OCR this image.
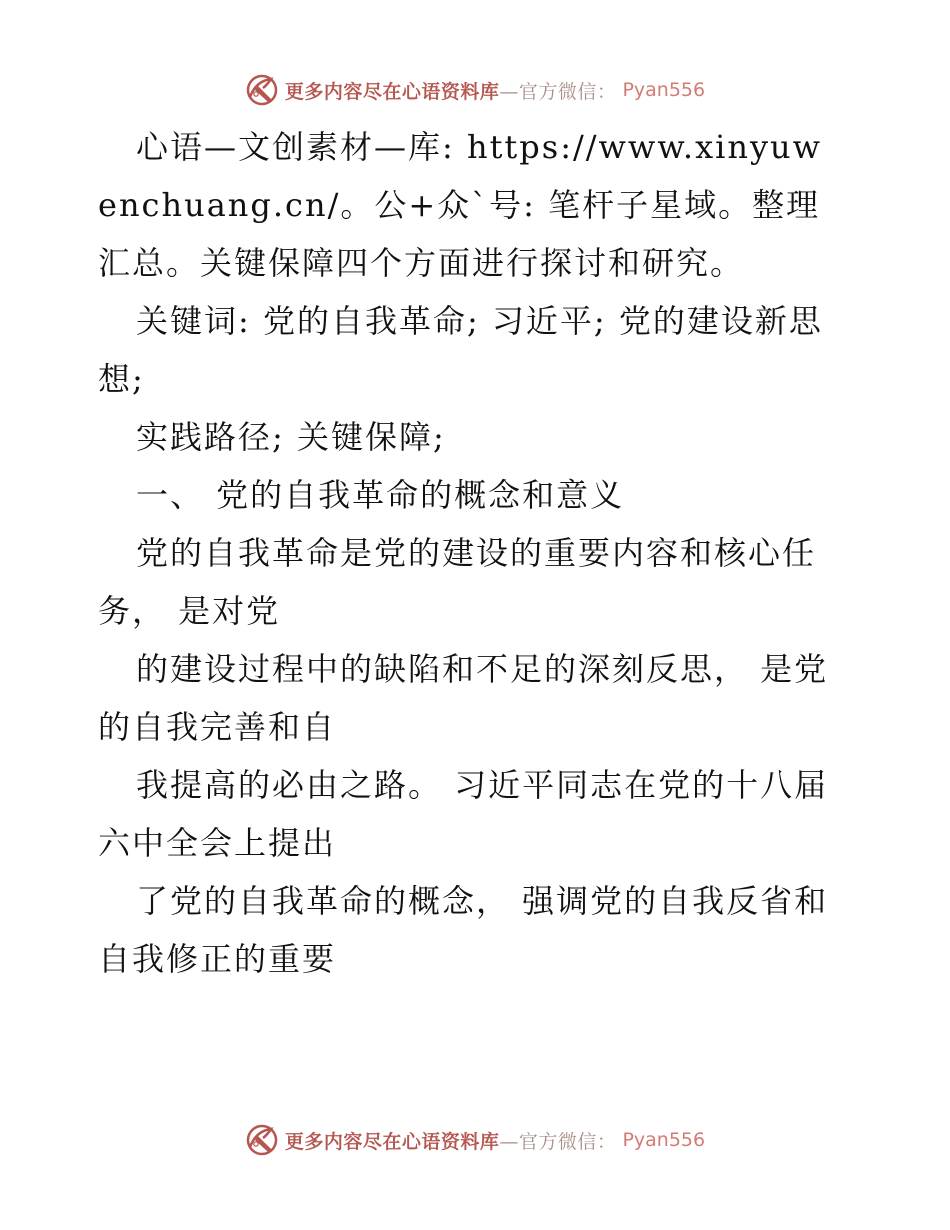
更多内容尽在心语资料库—官方微信： Pyan556

心语—文创素材—库: https://www.xinyuwenchuang.cn/。公+众`号: 笔杆子星域。整理汇总。关键保障四个方面进行探讨和研究。

关键词: 党的自我革命; 习近平; 党的建设新思想;

实践路径; 关键保障;

一、 党的自我革命的概念和意义

党的自我革命是党的建设的重要内容和核心任务， 是对党

的建设过程中的缺陷和不足的深刻反思， 是党的自我完善和自

我提高的必由之路。 习近平同志在党的十八届六中全会上提出

了党的自我革命的概念， 强调党的自我反省和自我修正的重要

更多内容尽在心语资料库—官方微信： Pyan556
